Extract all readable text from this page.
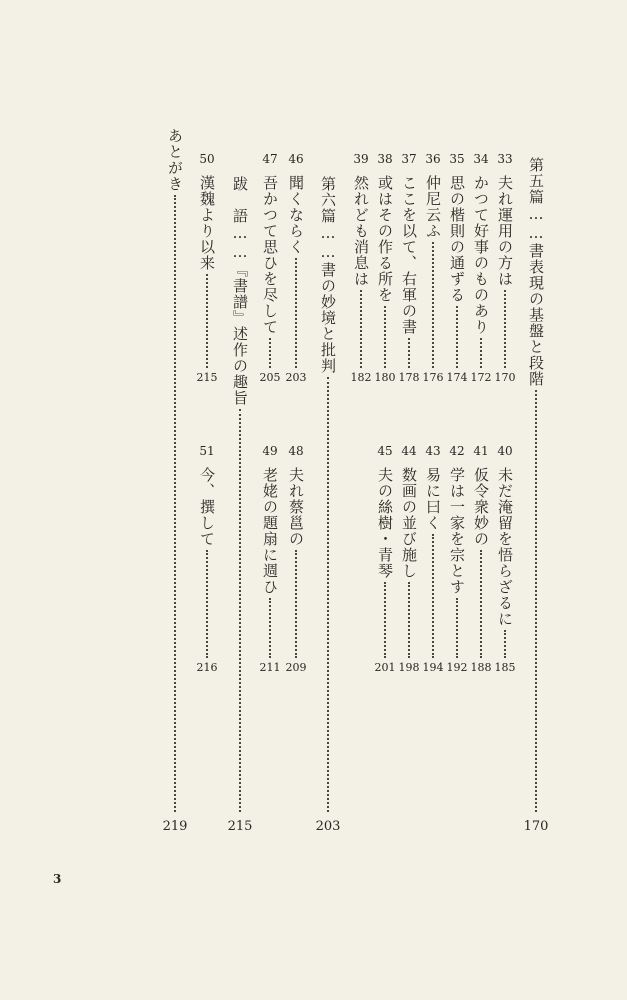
3
第五篇……書表現の基盤と段階
170
33
夫れ運用の方は
170
34
かつて好事のものあり
172
35
思の楷則の通ずる
174
36
仲尼云ふ
176
37
ここを以て、右軍の書
178
38
或はその作る所を
180
39
然れども消息は
182
第六篇……書の妙境と批判
203
46
聞くならく
203
47
吾かつて思ひを尽して
205
跋　語……『書譜』述作の趣旨
215
50
漢魏より以来
215
あとがき
219
40
未だ淹留を悟らざるに
185
41
仮令衆妙の
188
42
学は一家を宗とす
192
43
易に曰く
194
44
数画の並び施し
198
45
夫の絲樹・青琴
201
48
夫れ蔡邕の
209
49
老姥の題扇に週ひ
211
51
今、撰して
216
